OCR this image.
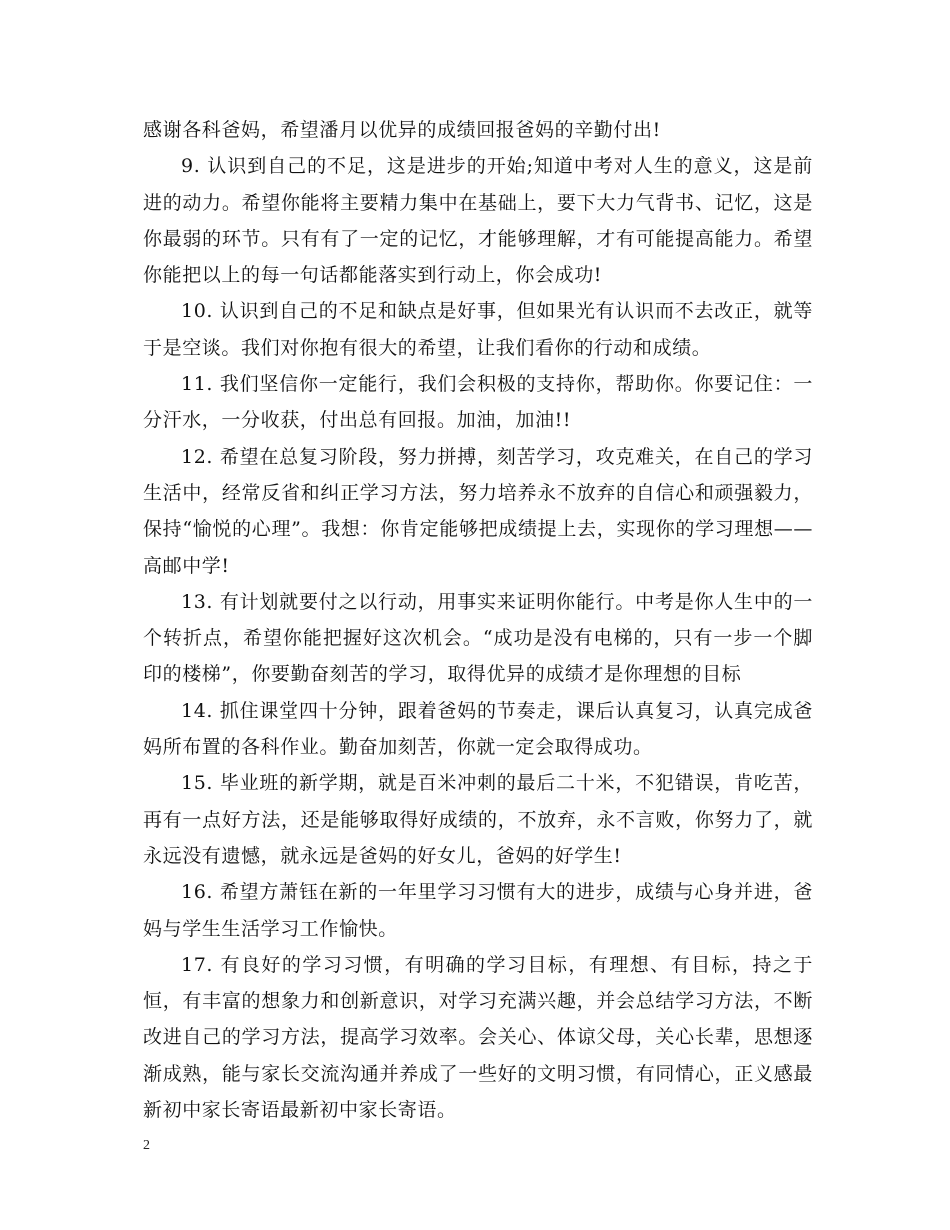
感谢各科爸妈，希望潘月以优异的成绩回报爸妈的辛勤付出!

9. 认识到自己的不足，这是进步的开始;知道中考对人生的意义，这是前进的动力。希望你能将主要精力集中在基础上，要下大力气背书、记忆，这是你最弱的环节。只有有了一定的记忆，才能够理解，才有可能提高能力。希望你能把以上的每一句话都能落实到行动上，你会成功!

10. 认识到自己的不足和缺点是好事，但如果光有认识而不去改正，就等于是空谈。我们对你抱有很大的希望，让我们看你的行动和成绩。

11. 我们坚信你一定能行，我们会积极的支持你，帮助你。你要记住：一分汗水，一分收获，付出总有回报。加油，加油!!

12. 希望在总复习阶段，努力拼搏，刻苦学习，攻克难关，在自己的学习生活中，经常反省和纠正学习方法，努力培养永不放弃的自信心和顽强毅力，保持“愉悦的心理”。我想：你肯定能够把成绩提上去，实现你的学习理想——高邮中学!

13. 有计划就要付之以行动，用事实来证明你能行。中考是你人生中的一个转折点，希望你能把握好这次机会。“成功是没有电梯的，只有一步一个脚印的楼梯”，你要勤奋刻苦的学习，取得优异的成绩才是你理想的目标

14. 抓住课堂四十分钟，跟着爸妈的节奏走，课后认真复习，认真完成爸妈所布置的各科作业。勤奋加刻苦，你就一定会取得成功。

15. 毕业班的新学期，就是百米冲刺的最后二十米，不犯错误，肯吃苦，再有一点好方法，还是能够取得好成绩的，不放弃，永不言败，你努力了，就永远没有遗憾，就永远是爸妈的好女儿，爸妈的好学生!

16. 希望方萧钰在新的一年里学习习惯有大的进步，成绩与心身并进，爸妈与学生生活学习工作愉快。

17. 有良好的学习习惯，有明确的学习目标，有理想、有目标，持之于恒，有丰富的想象力和创新意识，对学习充满兴趣，并会总结学习方法，不断改进自己的学习方法，提高学习效率。会关心、体谅父母，关心长辈，思想逐渐成熟，能与家长交流沟通并养成了一些好的文明习惯，有同情心，正义感最新初中家长寄语最新初中家长寄语。

2
